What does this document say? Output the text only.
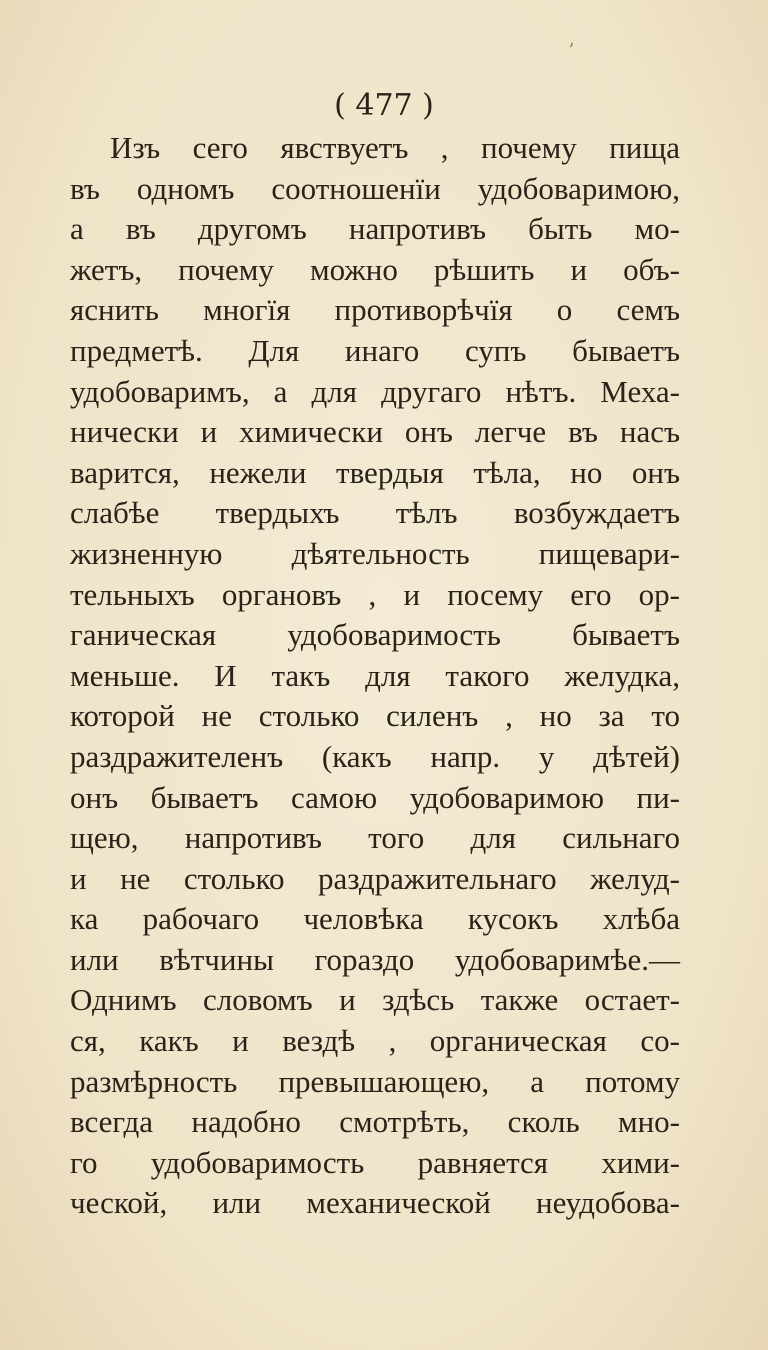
ʼ
( 477 )
Изъ сего явствуетъ , почему пища
въ одномъ соотношенїи удобоваримою,
а въ другомъ напротивъ быть мо-
жетъ, почему можно рѣшить и объ-
яснить многїя противорѣчїя о семъ
предметѣ. Для инаго супъ бываетъ
удобоваримъ, а для другаго нѣтъ. Меха-
нически и химически онъ легче въ насъ
варится, нежели твердыя тѣла, но онъ
слабѣе твердыхъ тѣлъ возбуждаетъ
жизненную дѣятельность пищевари-
тельныхъ органовъ , и посему его ор-
ганическая удобоваримость бываетъ
меньше. И такъ для такого желудка,
которой не столько силенъ , но за то
раздражителенъ (какъ напр. у дѣтей)
онъ бываетъ самою удобоваримою пи-
щею, напротивъ того для сильнаго
и не столько раздражительнаго желуд-
ка рабочаго человѣка кусокъ хлѣба
или вѣтчины гораздо удобоваримѣе.—
Однимъ словомъ и здѣсь также остает-
ся, какъ и вездѣ , органическая со-
размѣрность превышающею, а потому
всегда надобно смотрѣть, сколь мно-
го удобоваримость равняется хими-
ческой, или механической неудобова-
